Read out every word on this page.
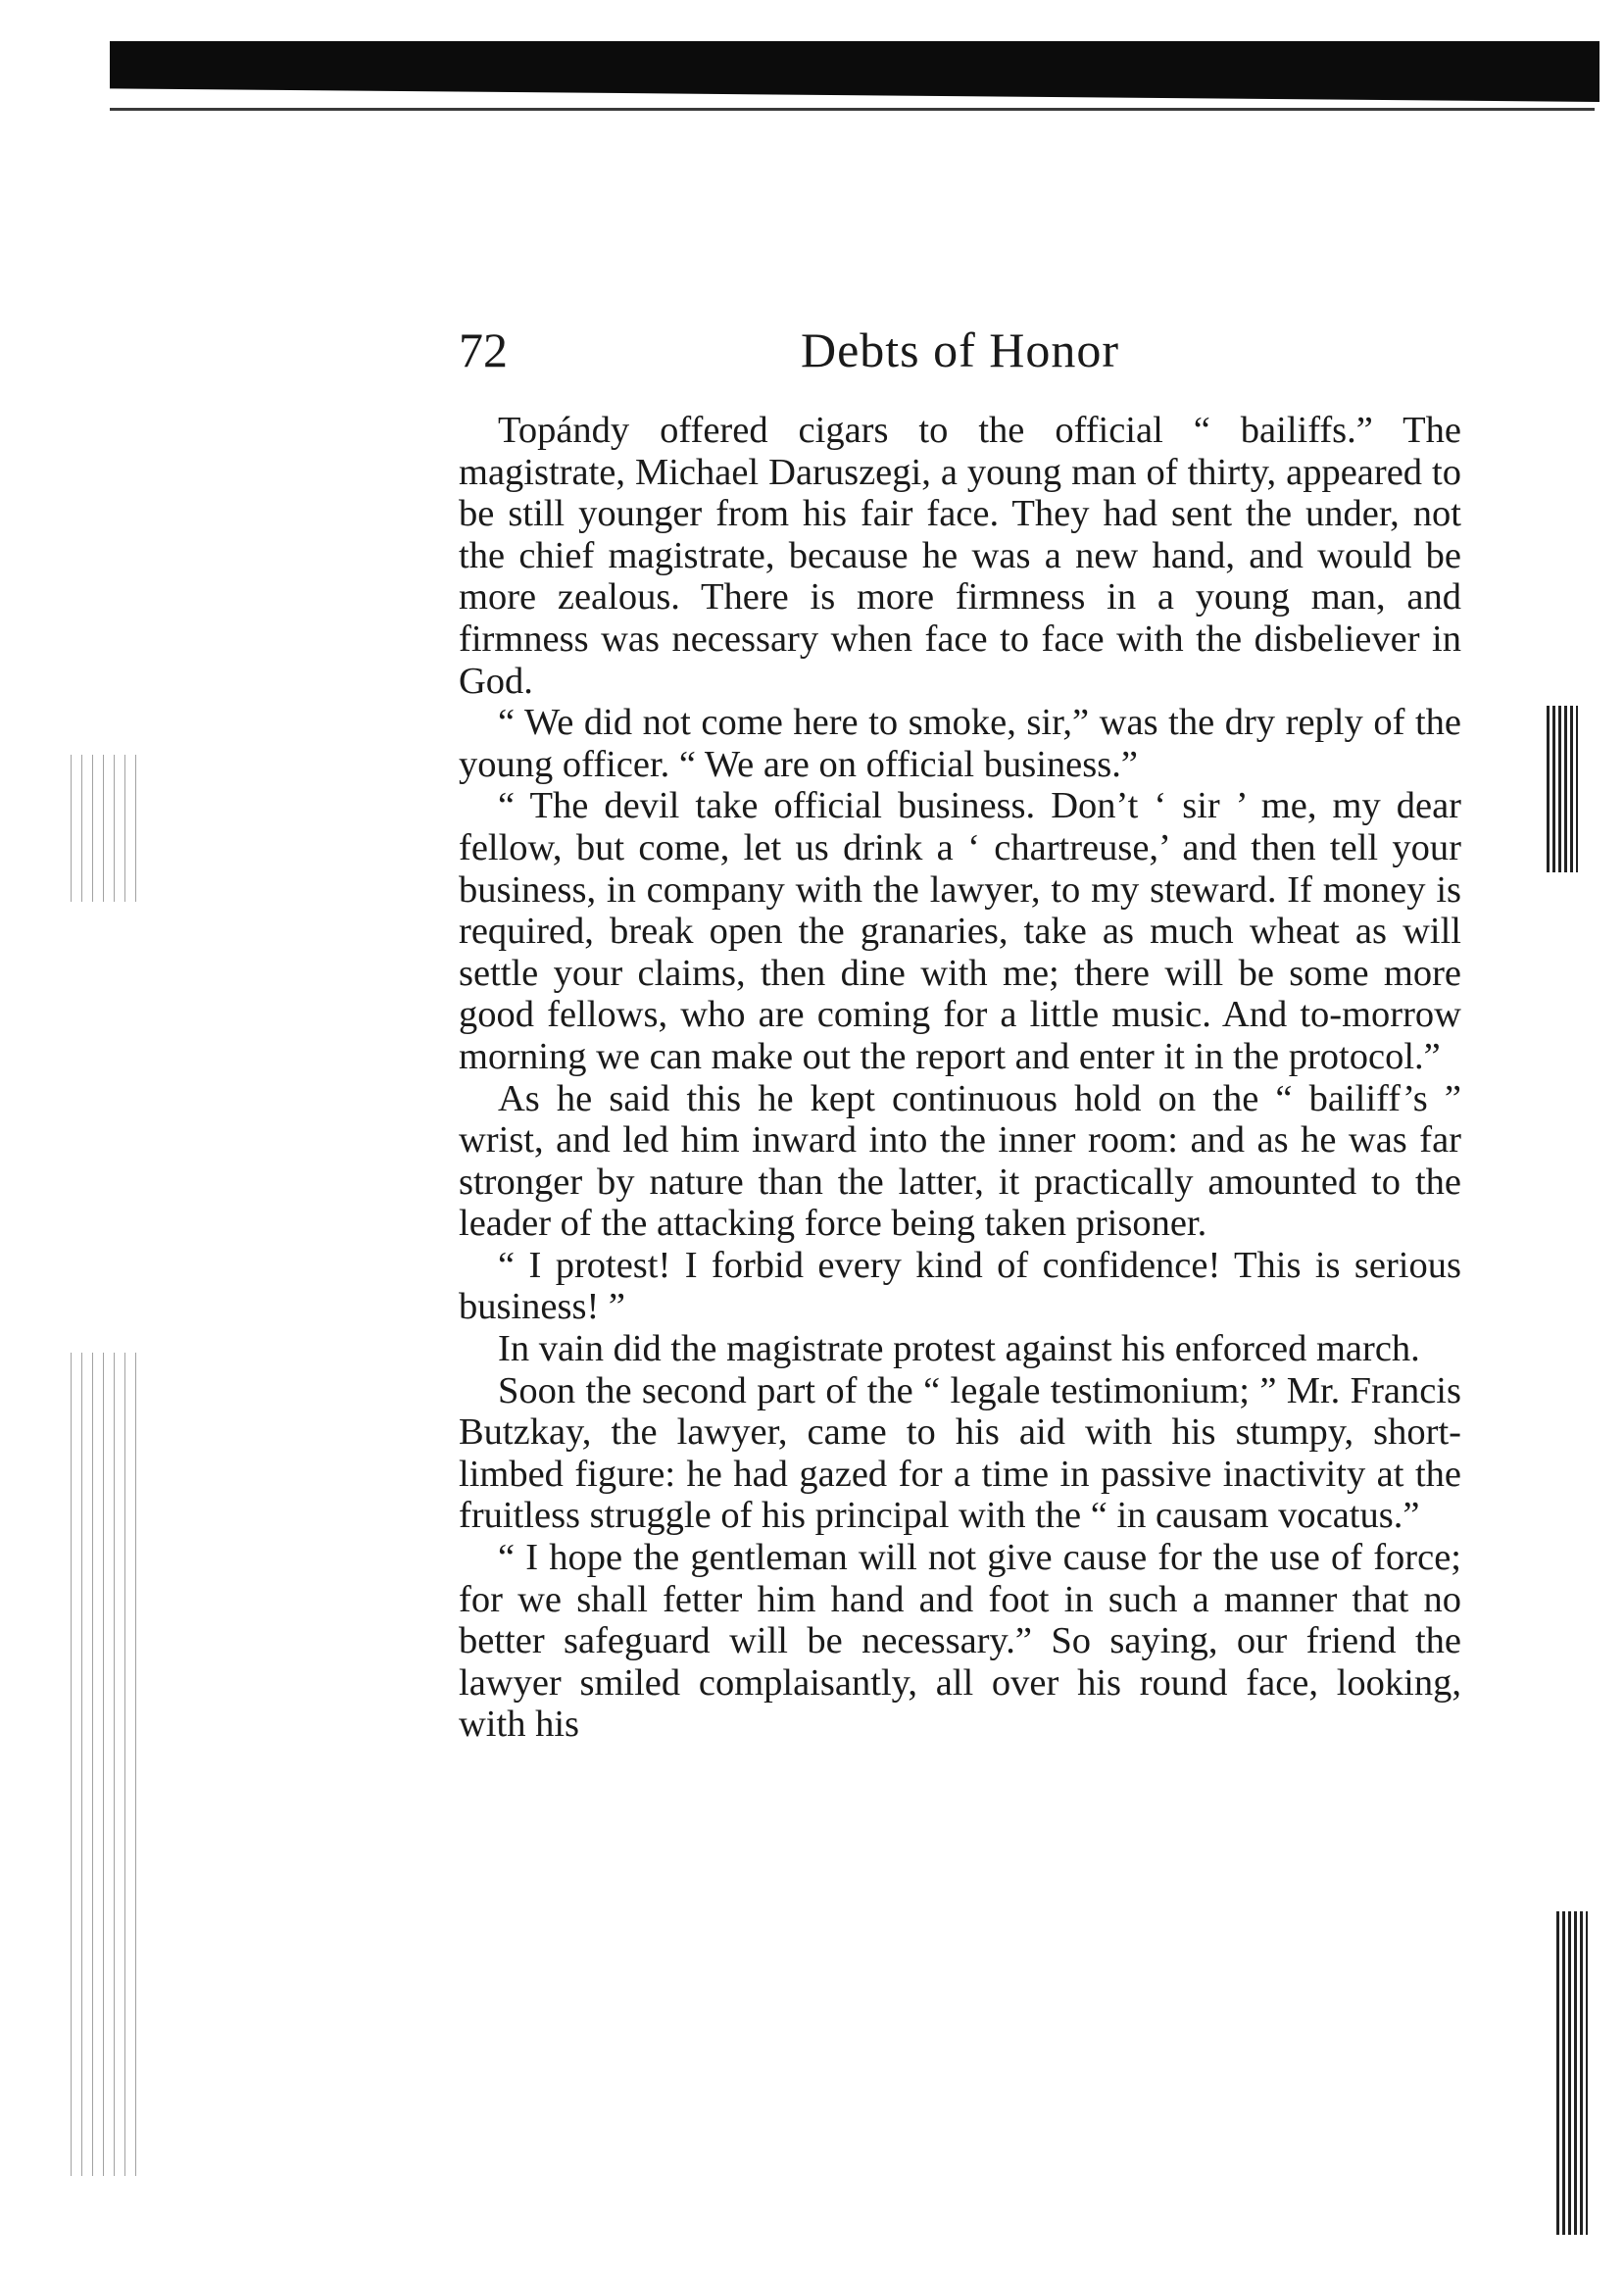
72	Debts of Honor

Topándy offered cigars to the official “ bailiffs.” The magistrate, Michael Daruszegi, a young man of thirty, appeared to be still younger from his fair face. They had sent the under, not the chief magistrate, because he was a new hand, and would be more zealous. There is more firmness in a young man, and firmness was necessary when face to face with the disbeliever in God.

“ We did not come here to smoke, sir,” was the dry reply of the young officer. “ We are on official business.”

“ The devil take official business. Don’t ‘ sir ’ me, my dear fellow, but come, let us drink a ‘ chartreuse,’ and then tell your business, in company with the lawyer, to my steward. If money is required, break open the granaries, take as much wheat as will settle your claims, then dine with me; there will be some more good fellows, who are coming for a little music. And to-morrow morning we can make out the report and enter it in the protocol.”

As he said this he kept continuous hold on the “ bailiff’s ” wrist, and led him inward into the inner room: and as he was far stronger by nature than the latter, it practically amounted to the leader of the attacking force being taken prisoner.

“ I protest! I forbid every kind of confidence! This is serious business! ”

In vain did the magistrate protest against his enforced march.

Soon the second part of the “ legale testimonium; ” Mr. Francis Butzkay, the lawyer, came to his aid with his stumpy, short-limbed figure: he had gazed for a time in passive inactivity at the fruitless struggle of his principal with the “ in causam vocatus.”

“ I hope the gentleman will not give cause for the use of force; for we shall fetter him hand and foot in such a manner that no better safeguard will be necessary.” So saying, our friend the lawyer smiled complaisantly, all over his round face, looking, with his
